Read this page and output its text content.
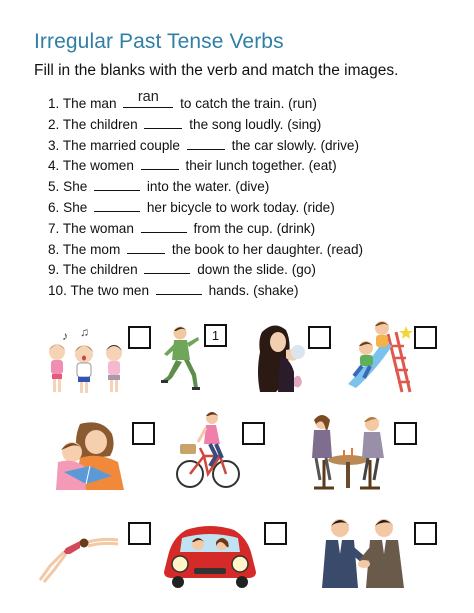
Irregular Past Tense Verbs
Fill in the blanks with the verb and match the images.
1. The man	ran	to catch the train. (run)
2. The children	the song loudly. (sing)
3. The married couple	the car slowly. (drive)
4. The women	their lunch together. (eat)
5. She	into the water. (dive)
6. She	her bicycle to work today. (ride)
7. The woman	from the cup. (drink)
8. The mom	the book to her daughter. (read)
9. The children	down the slide. (go)
10. The two men	hands. (shake)
♪ ♫	1
